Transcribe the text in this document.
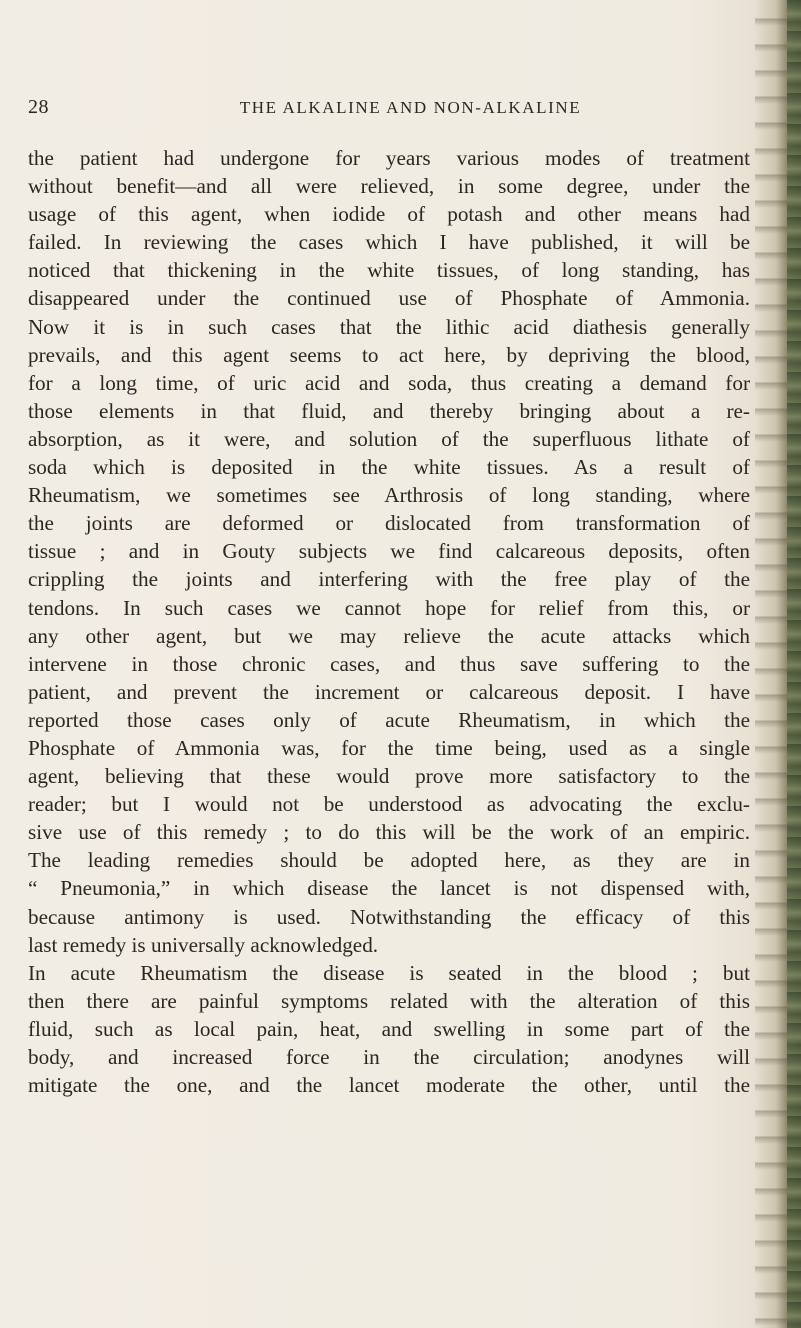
28	THE ALKALINE AND NON-ALKALINE
the patient had undergone for years various modes of treatment
without benefit—and all were relieved, in some degree, under the
usage of this agent, when iodide of potash and other means had
failed. In reviewing the cases which I have published, it will be
noticed that thickening in the white tissues, of long standing, has
disappeared under the continued use of Phosphate of Ammonia.
Now it is in such cases that the lithic acid diathesis generally
prevails, and this agent seems to act here, by depriving the blood,
for a long time, of uric acid and soda, thus creating a demand for
those elements in that fluid, and thereby bringing about a re-
absorption, as it were, and solution of the superfluous lithate of
soda which is deposited in the white tissues. As a result of
Rheumatism, we sometimes see Arthrosis of long standing, where
the joints are deformed or dislocated from transformation of
tissue ; and in Gouty subjects we find calcareous deposits, often
crippling the joints and interfering with the free play of the
tendons. In such cases we cannot hope for relief from this, or
any other agent, but we may relieve the acute attacks which
intervene in those chronic cases, and thus save suffering to the
patient, and prevent the increment or calcareous deposit. I have
reported those cases only of acute Rheumatism, in which the
Phosphate of Ammonia was, for the time being, used as a single
agent, believing that these would prove more satisfactory to the
reader; but I would not be understood as advocating the exclu-
sive use of this remedy ; to do this will be the work of an empiric.
The leading remedies should be adopted here, as they are in
“ Pneumonia,” in which disease the lancet is not dispensed with,
because antimony is used. Notwithstanding the efficacy of this
last remedy is universally acknowledged.
In acute Rheumatism the disease is seated in the blood ; but
then there are painful symptoms related with the alteration of this
fluid, such as local pain, heat, and swelling in some part of the
body, and increased force in the circulation; anodynes will
mitigate the one, and the lancet moderate the other, until the
